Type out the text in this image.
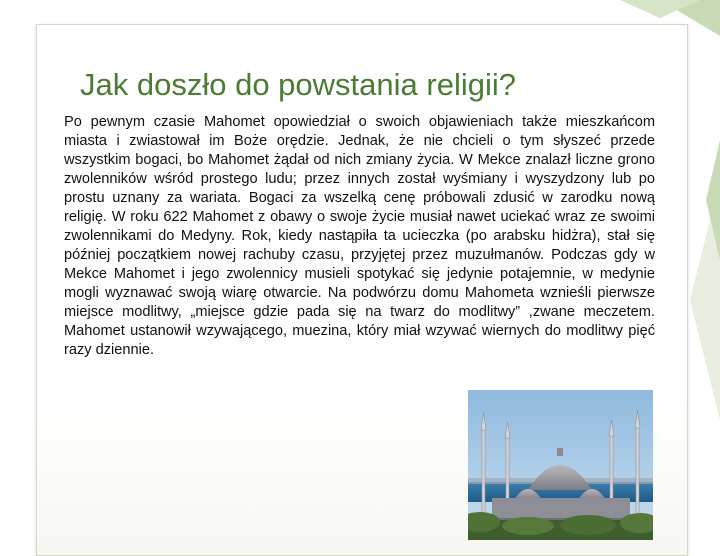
Jak doszło do powstania religii?

Po pewnym czasie Mahomet opowiedział o swoich objawieniach także mieszkańcom miasta i zwiastował im Boże orędzie. Jednak, że nie chcieli o tym słyszeć przede wszystkim bogaci, bo Mahomet żądał od nich zmiany życia. W Mekce znalazł liczne grono zwolenników wśród prostego ludu; przez innych został wyśmiany i wyszydzony lub po prostu uznany za wariata. Bogaci za wszelką cenę próbowali zdusić w zarodku nową religię. W roku 622 Mahomet z obawy o swoje życie musiał nawet uciekać wraz ze swoimi zwolennikami do Medyny. Rok, kiedy nastąpiła ta ucieczka (po arabsku hidżra), stał się później początkiem nowej rachuby czasu, przyjętej przez muzułmanów. Podczas gdy w Mekce Mahomet i jego zwolennicy musieli spotykać się jedynie potajemnie, w medynie mogli wyznawać swoją wiarę otwarcie. Na podwórzu domu Mahometa wznieśli pierwsze miejsce modlitwy, „miejsce gdzie pada się na twarz do modlitwy” ,zwane meczetem. Mahomet ustanowił wzywającego, muezina, który miał wzywać wiernych do modlitwy pięć razy dziennie.
